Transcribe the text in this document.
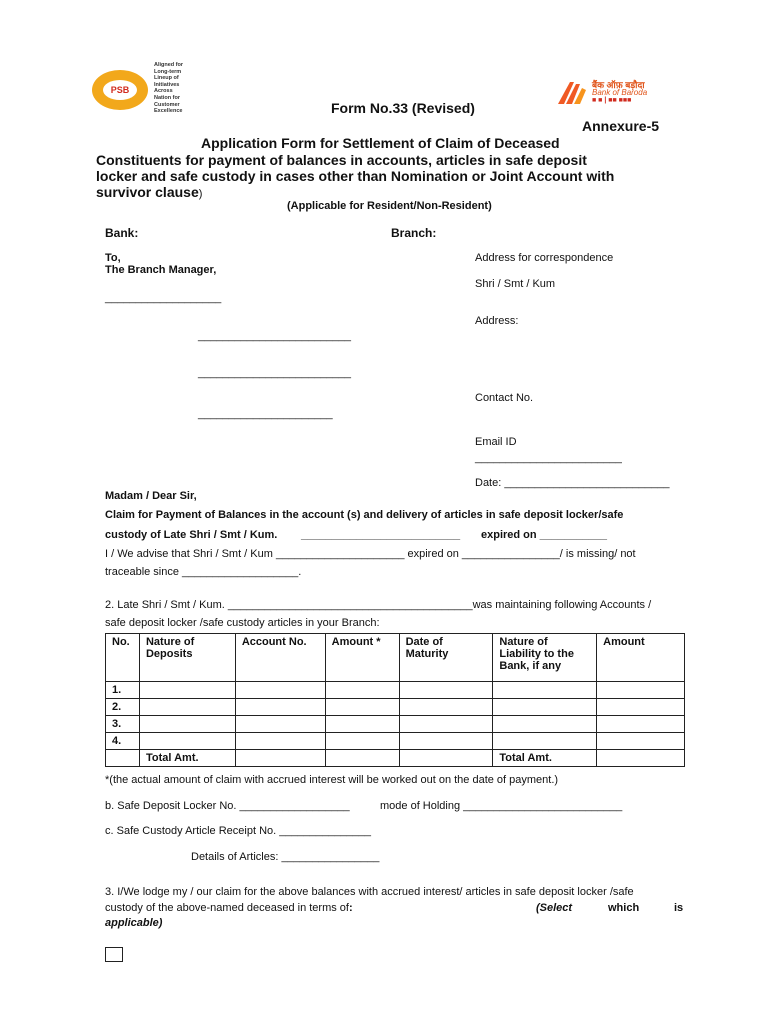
PSB
Aligned for
Long-term
Lineup of
Initiatives
Across
Nation for
Customer
Excellence
बैंक ऑफ़ बड़ौदा
Bank of Baroda
■ ■ | ■■ ■■■
Form No.33 (Revised)
Annexure-5
Application Form for Settlement of Claim of Deceased
Constituents for payment of balances in accounts, articles in safe deposit
locker and safe custody in cases other than Nomination or Joint Account with
survivor clause)
(Applicable for Resident/Non-Resident)
Bank:	Branch:
To,
The Branch Manager,
___________________
Address for correspondence
Shri / Smt / Kum
Address:
_________________________
_________________________
Contact No.
______________________
Email ID
________________________
Date: ___________________________
Madam / Dear Sir,
Claim for Payment of Balances in the account (s) and delivery of articles in safe deposit locker/safe
custody of Late Shri / Smt / Kum. __________________________ expired on ___________
I / We advise that Shri / Smt / Kum _____________________ expired on ________________/ is missing/ not
traceable since ___________________.
2. Late Shri / Smt / Kum. ________________________________________was maintaining following Accounts /
safe deposit locker /safe custody articles in your Branch:
No.	Nature of Deposits	Account No.	Amount *	Date of Maturity	Nature of Liability to the Bank, if any	Amount
1.						
2.						
3.						
4.						
	Total Amt.				Total Amt.	
*(the actual amount of claim with accrued interest will be worked out on the date of payment.)
b. Safe Deposit Locker No. __________________	mode of Holding __________________________
c. Safe Custody Article Receipt No. _______________
Details of Articles: ________________
3. I/We lodge my / our claim for the above balances with accrued interest/ articles in safe deposit locker /safe
custody of the above-named deceased in terms of:	(Select	which	is
applicable)
